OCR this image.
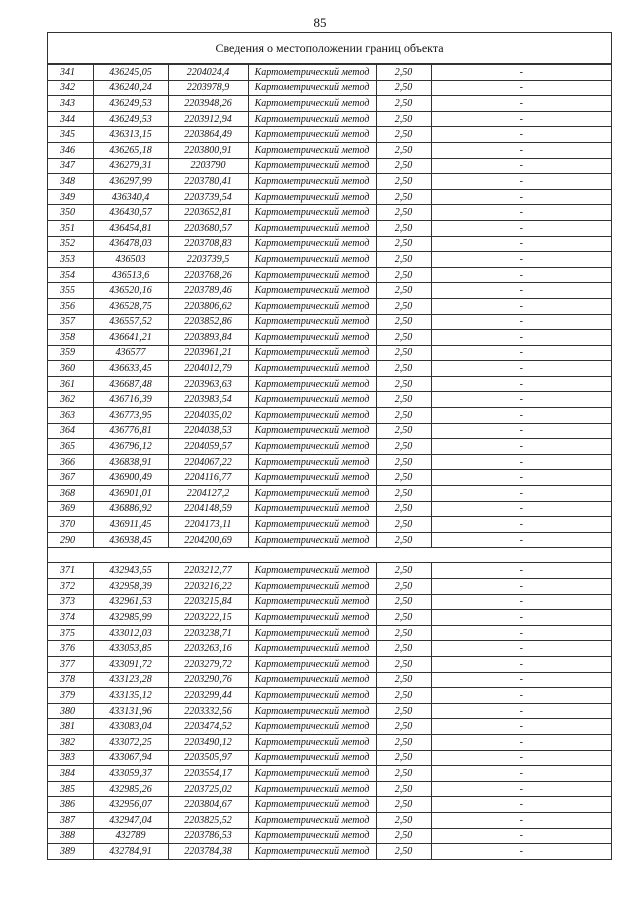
85
Сведения о местоположении границ объекта
341	436245,05	2204024,4	Картометрический метод	2,50	-
342	436240,24	2203978,9	Картометрический метод	2,50	-
343	436249,53	2203948,26	Картометрический метод	2,50	-
344	436249,53	2203912,94	Картометрический метод	2,50	-
345	436313,15	2203864,49	Картометрический метод	2,50	-
346	436265,18	2203800,91	Картометрический метод	2,50	-
347	436279,31	2203790	Картометрический метод	2,50	-
348	436297,99	2203780,41	Картометрический метод	2,50	-
349	436340,4	2203739,54	Картометрический метод	2,50	-
350	436430,57	2203652,81	Картометрический метод	2,50	-
351	436454,81	2203680,57	Картометрический метод	2,50	-
352	436478,03	2203708,83	Картометрический метод	2,50	-
353	436503	2203739,5	Картометрический метод	2,50	-
354	436513,6	2203768,26	Картометрический метод	2,50	-
355	436520,16	2203789,46	Картометрический метод	2,50	-
356	436528,75	2203806,62	Картометрический метод	2,50	-
357	436557,52	2203852,86	Картометрический метод	2,50	-
358	436641,21	2203893,84	Картометрический метод	2,50	-
359	436577	2203961,21	Картометрический метод	2,50	-
360	436633,45	2204012,79	Картометрический метод	2,50	-
361	436687,48	2203963,63	Картометрический метод	2,50	-
362	436716,39	2203983,54	Картометрический метод	2,50	-
363	436773,95	2204035,02	Картометрический метод	2,50	-
364	436776,81	2204038,53	Картометрический метод	2,50	-
365	436796,12	2204059,57	Картометрический метод	2,50	-
366	436838,91	2204067,22	Картометрический метод	2,50	-
367	436900,49	2204116,77	Картометрический метод	2,50	-
368	436901,01	2204127,2	Картометрический метод	2,50	-
369	436886,92	2204148,59	Картометрический метод	2,50	-
370	436911,45	2204173,11	Картометрический метод	2,50	-
290	436938,45	2204200,69	Картометрический метод	2,50	-

371	432943,55	2203212,77	Картометрический метод	2,50	-
372	432958,39	2203216,22	Картометрический метод	2,50	-
373	432961,53	2203215,84	Картометрический метод	2,50	-
374	432985,99	2203222,15	Картометрический метод	2,50	-
375	433012,03	2203238,71	Картометрический метод	2,50	-
376	433053,85	2203263,16	Картометрический метод	2,50	-
377	433091,72	2203279,72	Картометрический метод	2,50	-
378	433123,28	2203290,76	Картометрический метод	2,50	-
379	433135,12	2203299,44	Картометрический метод	2,50	-
380	433131,96	2203332,56	Картометрический метод	2,50	-
381	433083,04	2203474,52	Картометрический метод	2,50	-
382	433072,25	2203490,12	Картометрический метод	2,50	-
383	433067,94	2203505,97	Картометрический метод	2,50	-
384	433059,37	2203554,17	Картометрический метод	2,50	-
385	432985,26	2203725,02	Картометрический метод	2,50	-
386	432956,07	2203804,67	Картометрический метод	2,50	-
387	432947,04	2203825,52	Картометрический метод	2,50	-
388	432789	2203786,53	Картометрический метод	2,50	-
389	432784,91	2203784,38	Картометрический метод	2,50	-
